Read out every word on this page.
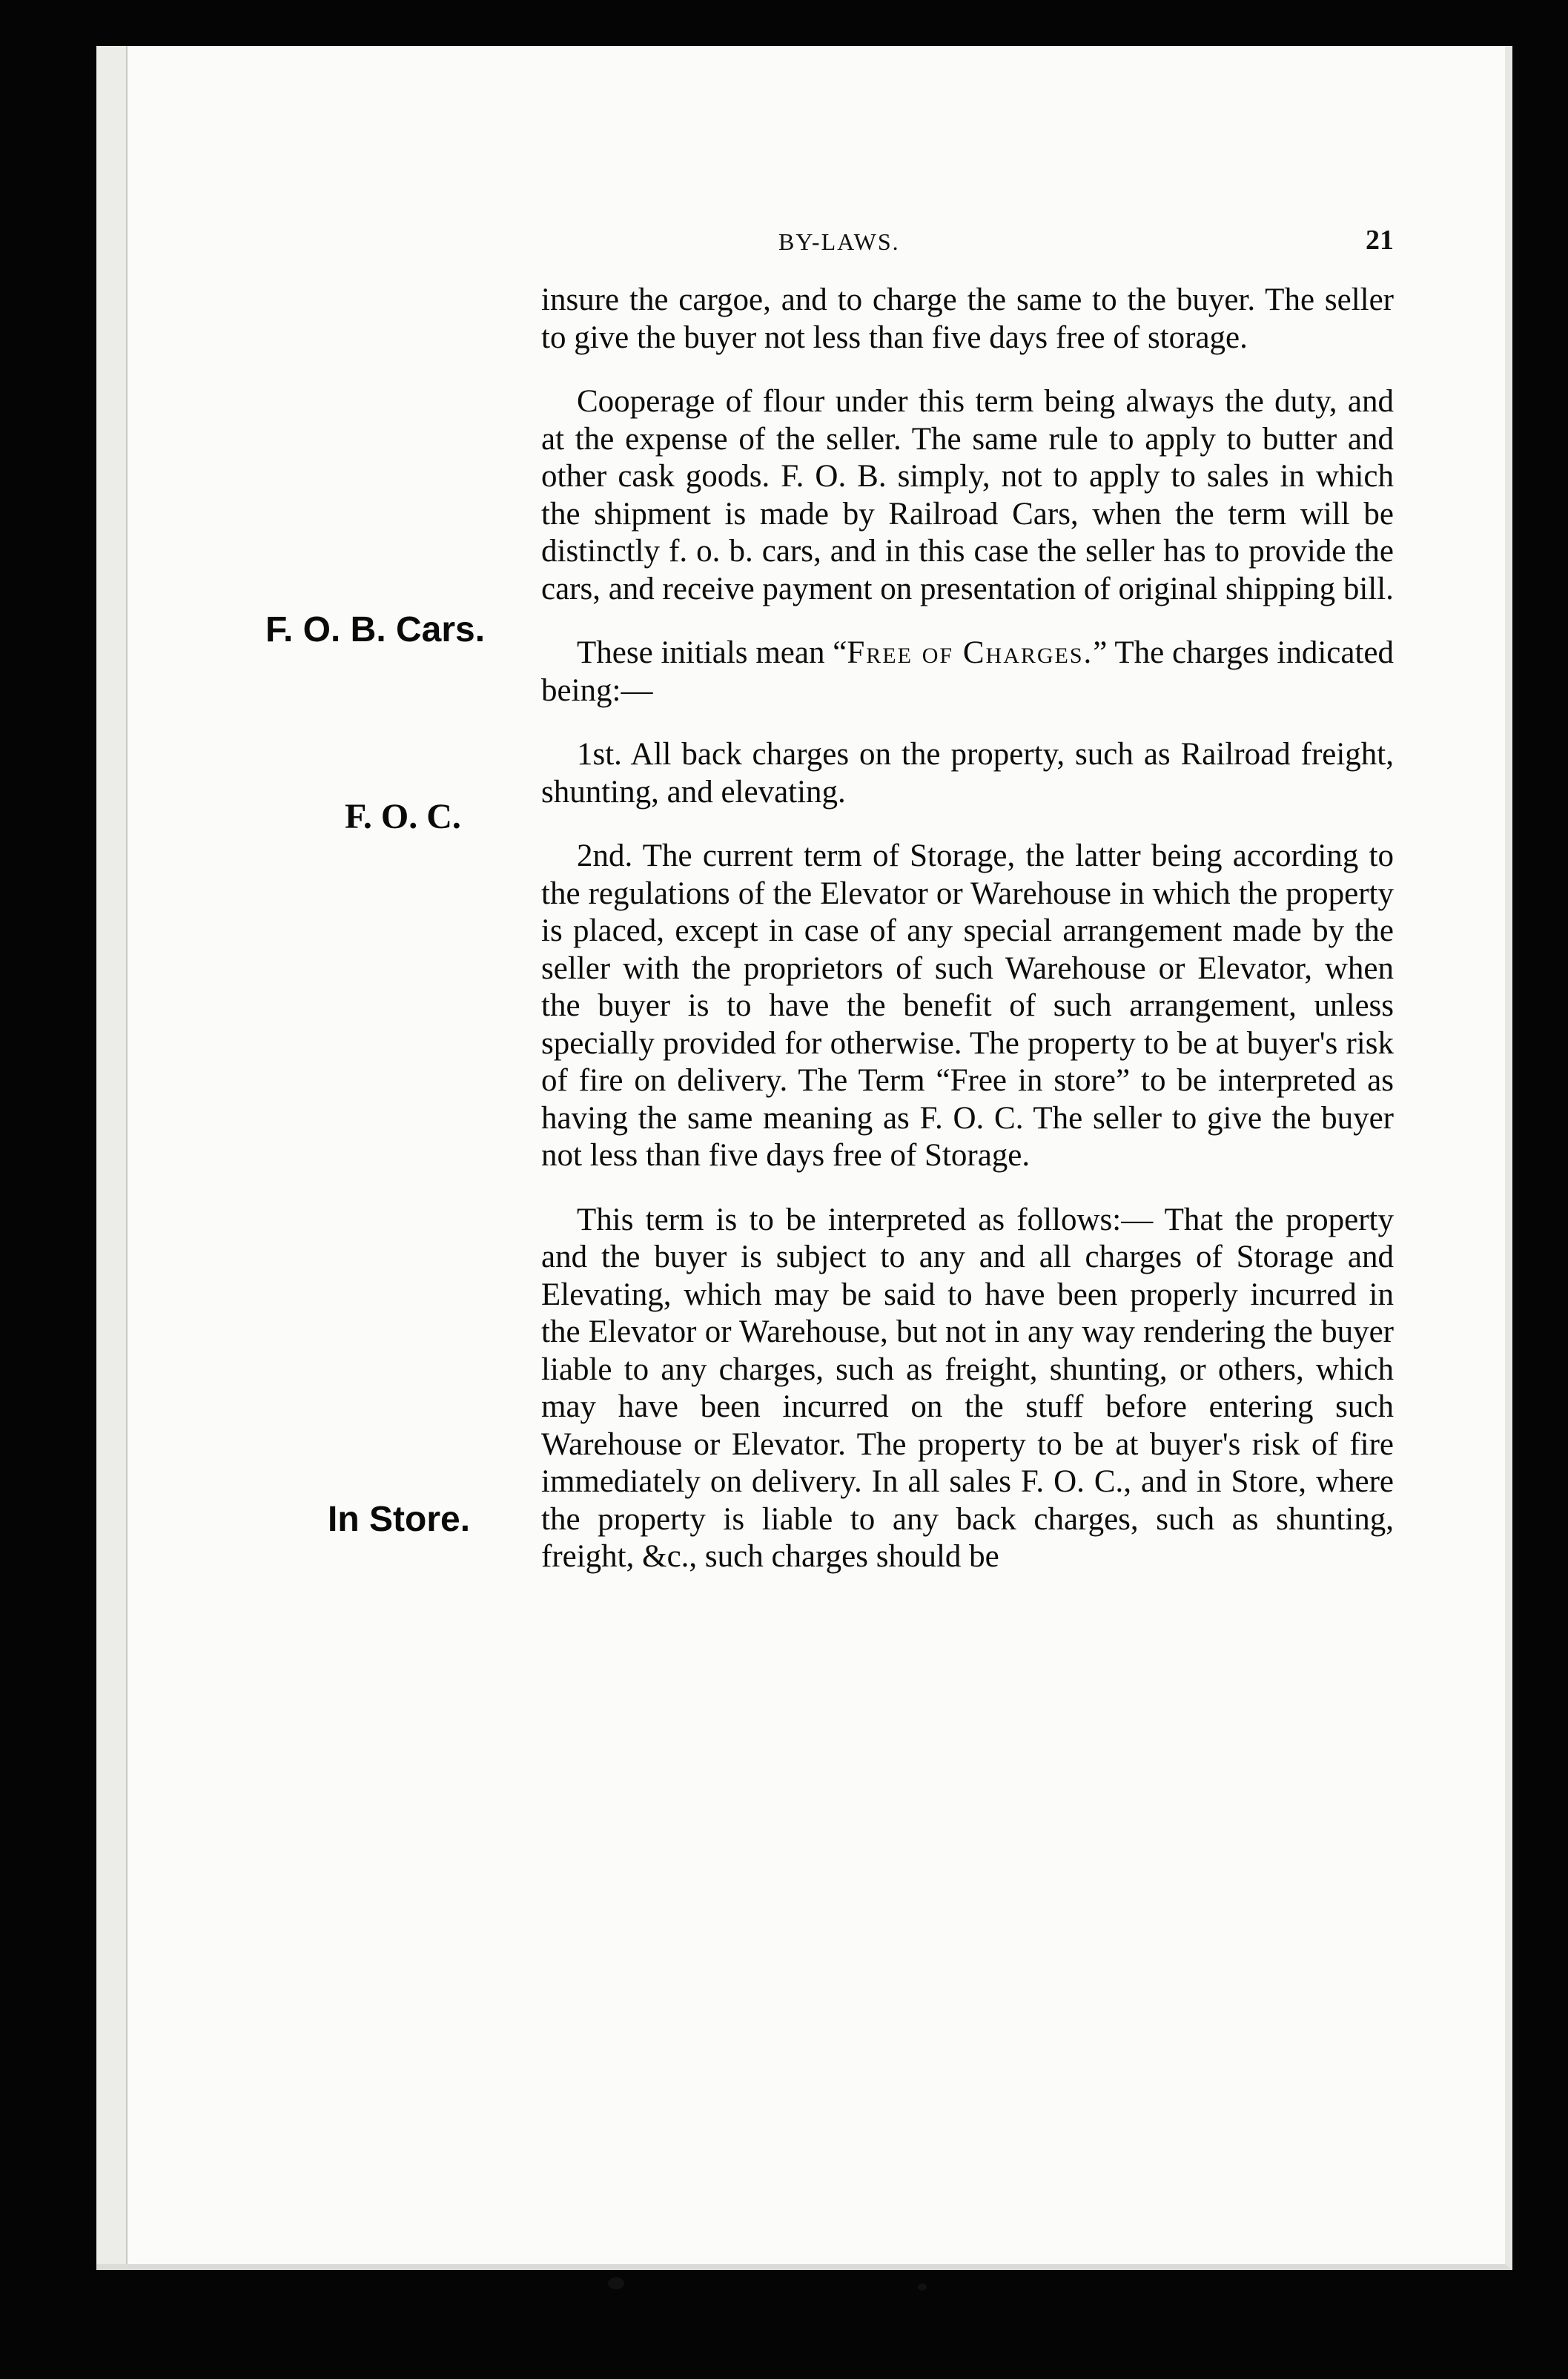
BY-LAWS.	21
F. O. B. Cars.
F. O. C.
In Store.

insure the cargoe, and to charge the same to the buyer. The seller to give the buyer not less than five days free of storage.

Cooperage of flour under this term being always the duty, and at the expense of the seller. The same rule to apply to butter and other cask goods. F. O. B. simply, not to apply to sales in which the shipment is made by Railroad Cars, when the term will be distinctly f. o. b. cars, and in this case the seller has to provide the cars, and receive payment on presentation of original shipping bill.

These initials mean “Free of Charges.” The charges indicated being:—

1st. All back charges on the property, such as Railroad freight, shunting, and elevating.

2nd. The current term of Storage, the latter being according to the regulations of the Elevator or Warehouse in which the property is placed, except in case of any special arrangement made by the seller with the proprietors of such Warehouse or Elevator, when the buyer is to have the benefit of such arrangement, unless specially provided for otherwise. The property to be at buyer's risk of fire on delivery. The Term “Free in store” to be interpreted as having the same meaning as F. O. C. The seller to give the buyer not less than five days free of Storage.

This term is to be interpreted as follows:— That the property and the buyer is subject to any and all charges of Storage and Elevating, which may be said to have been properly incurred in the Elevator or Warehouse, but not in any way rendering the buyer liable to any charges, such as freight, shunting, or others, which may have been incurred on the stuff before entering such Warehouse or Elevator. The property to be at buyer's risk of fire immediately on delivery. In all sales F. O. C., and in Store, where the property is liable to any back charges, such as shunting, freight, &c., such charges should be
